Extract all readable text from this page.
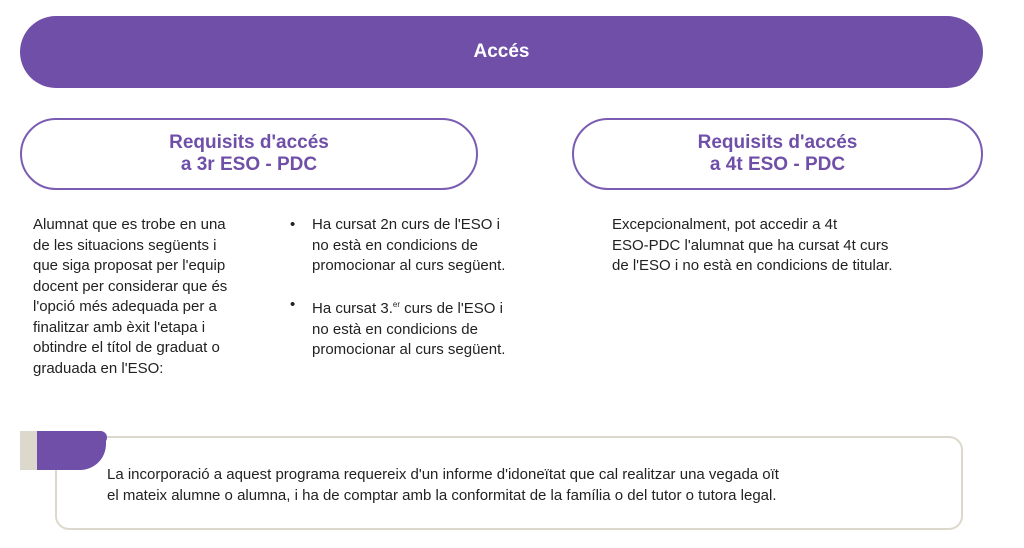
Accés
Requisits d'accés
a 3r ESO - PDC
Requisits d'accés
a 4t ESO - PDC
Alumnat que es trobe en una
de les situacions següents i
que siga proposat per l'equip
docent per considerar que és
l'opció més adequada per a
finalitzar amb èxit l'etapa i
obtindre el títol de graduat o
graduada en l'ESO:
• Ha cursat 2n curs de l'ESO i
no està en condicions de
promocionar al curs següent.
• Ha cursat 3.$^{er}$ curs de l'ESO i
no està en condicions de
promocionar al curs següent.
Excepcionalment, pot accedir a 4t
ESO-PDC l'alumnat que ha cursat 4t curs
de l'ESO i no està en condicions de titular.
La incorporació a aquest programa requereix d'un informe d'idoneïtat que cal realitzar una vegada oït
el mateix alumne o alumna, i ha de comptar amb la conformitat de la família o del tutor o tutora legal.
